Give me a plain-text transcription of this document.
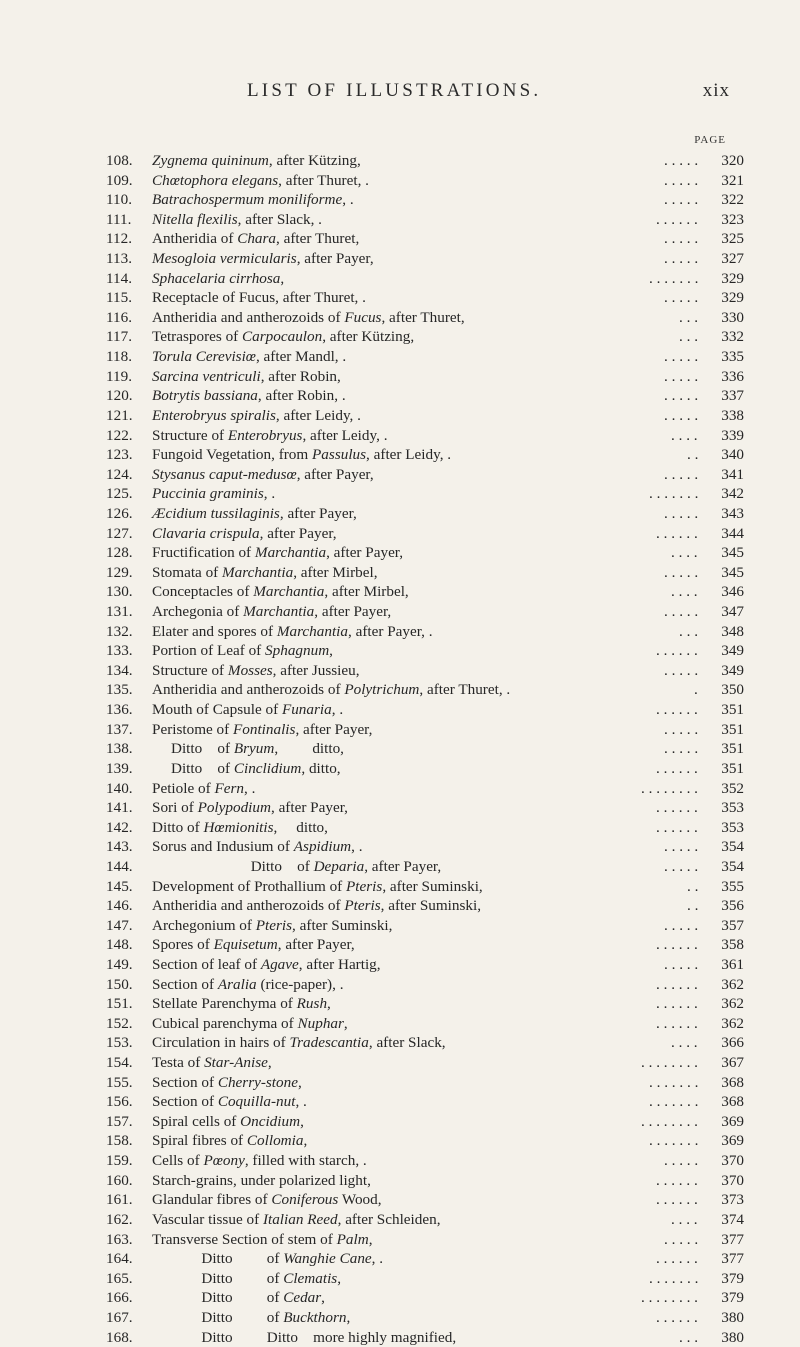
LIST OF ILLUSTRATIONS.	xix
PAGE
108.	Zygnema quininum, after Kützing,	. . . . .	320
109.	Chœtophora elegans, after Thuret, .	. . . . .	321
110.	Batrachospermum moniliforme, .	. . . . .	322
111.	Nitella flexilis, after Slack, .	. . . . . .	323
112.	Antheridia of Chara, after Thuret,	. . . . .	325
113.	Mesogloia vermicularis, after Payer,	. . . . .	327
114.	Sphacelaria cirrhosa,	. . . . . . .	329
115.	Receptacle of Fucus, after Thuret, .	. . . . .	329
116.	Antheridia and antherozoids of Fucus, after Thuret,	. . .	330
117.	Tetraspores of Carpocaulon, after Kützing,	. . .	332
118.	Torula Cerevisiœ, after Mandl, .	. . . . .	335
119.	Sarcina ventriculi, after Robin,	. . . . .	336
120.	Botrytis bassiana, after Robin, .	. . . . .	337
121.	Enterobryus spiralis, after Leidy, .	. . . . .	338
122.	Structure of Enterobryus, after Leidy, .	. . . .	339
123.	Fungoid Vegetation, from Passulus, after Leidy, .	. .	340
124.	Stysanus caput-medusœ, after Payer,	. . . . .	341
125.	Puccinia graminis, .	. . . . . . .	342
126.	Æcidium tussilaginis, after Payer,	. . . . .	343
127.	Clavaria crispula, after Payer,	. . . . . .	344
128.	Fructification of Marchantia, after Payer,	. . . .	345
129.	Stomata of Marchantia, after Mirbel,	. . . . .	345
130.	Conceptacles of Marchantia, after Mirbel,	. . . .	346
131.	Archegonia of Marchantia, after Payer,	. . . . .	347
132.	Elater and spores of Marchantia, after Payer, .	. . .	348
133.	Portion of Leaf of Sphagnum,	. . . . . .	349
134.	Structure of Mosses, after Jussieu,	. . . . .	349
135.	Antheridia and antherozoids of Polytrichum, after Thuret, .	.	350
136.	Mouth of Capsule of Funaria, .	. . . . . .	351
137.	Peristome of Fontinalis, after Payer,	. . . . .	351
138.	Ditto    of Bryum,         ditto,	. . . . .	351
139.	Ditto    of Cinclidium, ditto,	. . . . . .	351
140.	Petiole of Fern, .	. . . . . . . .	352
141.	Sori of Polypodium, after Payer,	. . . . . .	353
142.	Ditto of Hœmionitis,     ditto,	. . . . . .	353
143.	Sorus and Indusium of Aspidium, .	. . . . .	354
144.	Ditto    of Deparia, after Payer,	. . . . .	354
145.	Development of Prothallium of Pteris, after Suminski,	. .	355
146.	Antheridia and antherozoids of Pteris, after Suminski,	. .	356
147.	Archegonium of Pteris, after Suminski,	. . . . .	357
148.	Spores of Equisetum, after Payer,	. . . . . .	358
149.	Section of leaf of Agave, after Hartig,	. . . . .	361
150.	Section of Aralia (rice-paper), .	. . . . . .	362
151.	Stellate Parenchyma of Rush,	. . . . . .	362
152.	Cubical parenchyma of Nuphar,	. . . . . .	362
153.	Circulation in hairs of Tradescantia, after Slack,	. . . .	366
154.	Testa of Star-Anise,	. . . . . . . .	367
155.	Section of Cherry-stone,	. . . . . . .	368
156.	Section of Coquilla-nut, .	. . . . . . .	368
157.	Spiral cells of Oncidium,	. . . . . . . .	369
158.	Spiral fibres of Collomia,	. . . . . . .	369
159.	Cells of Pœony, filled with starch, .	. . . . .	370
160.	Starch-grains, under polarized light,	. . . . . .	370
161.	Glandular fibres of Coniferous Wood,	. . . . . .	373
162.	Vascular tissue of Italian Reed, after Schleiden,	. . . .	374
163.	Transverse Section of stem of Palm,	. . . . .	377
164.	Ditto         of Wanghie Cane, .	. . . . . .	377
165.	Ditto         of Clematis,	. . . . . . .	379
166.	Ditto         of Cedar,	. . . . . . . .	379
167.	Ditto         of Buckthorn,	. . . . . .	380
168.	Ditto         Ditto    more highly magnified,	. . .	380
